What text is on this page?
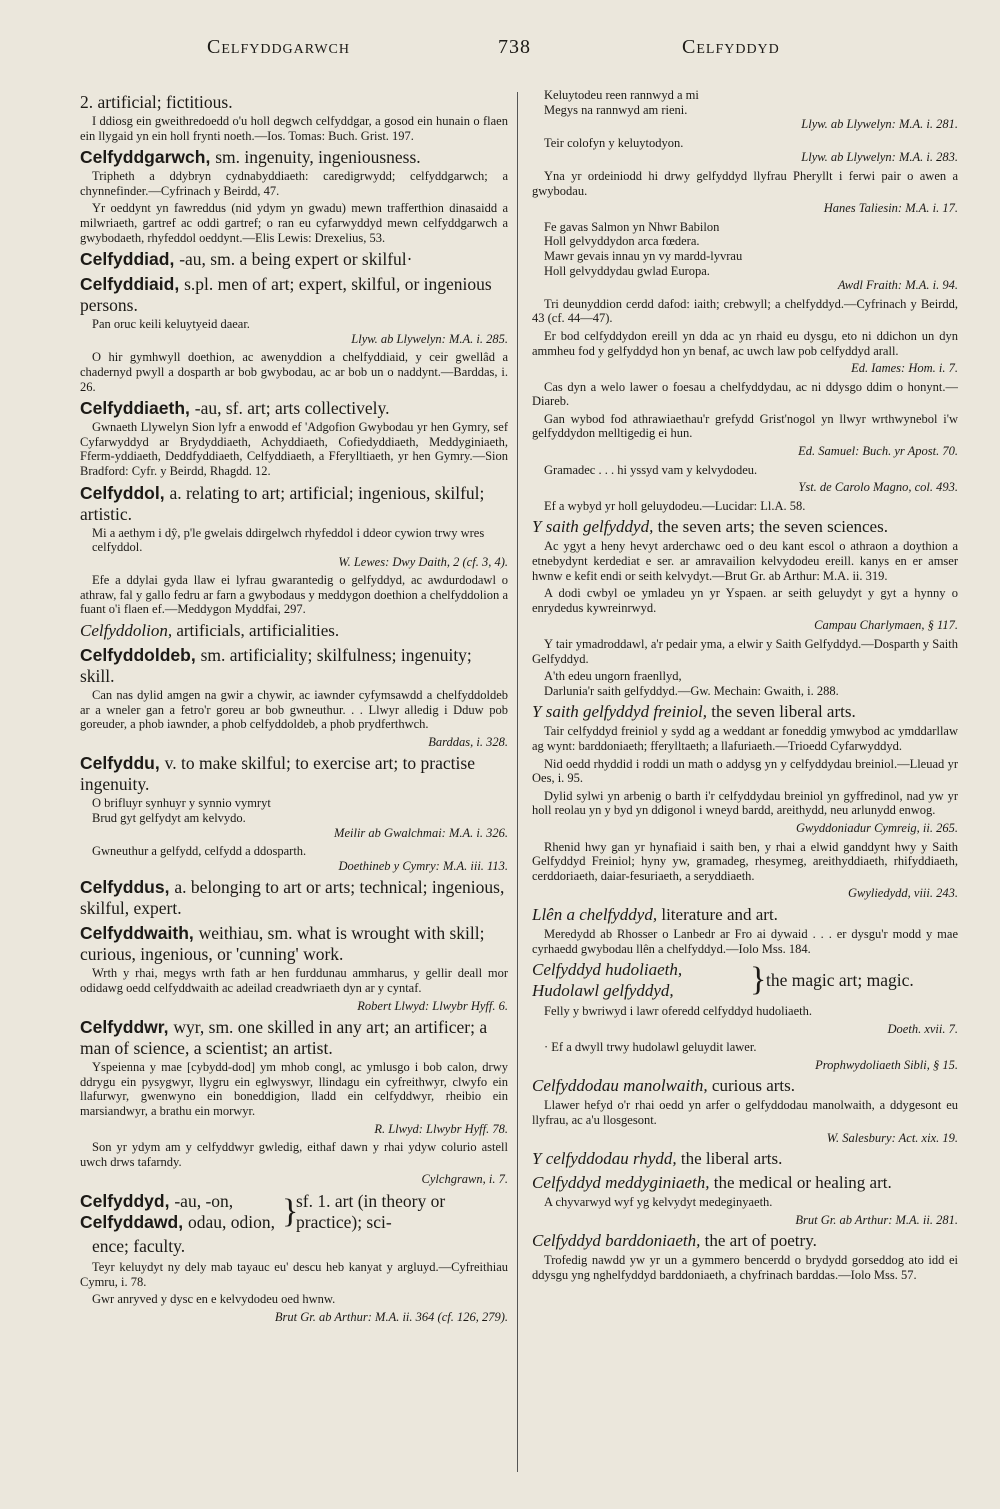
Celfyddgarwch	738	Celfyddyd
2. artificial; fictitious.
I ddiosg ein gweithredoedd o'u holl degwch celfyddgar, a gosod ein hunain o flaen ein llygaid yn ein holl frynti noeth.—Ios. Tomas: Buch. Grist. 197.
Celfyddgarwch, sm. ingenuity, ingeniousness.
Tripheth a ddybryn cydnabyddiaeth: caredigrwydd; celfyddgarwch; a chynnefinder.—Cyfrinach y Beirdd, 47.
Yr oeddynt yn fawreddus (nid ydym yn gwadu) mewn trafferthion dinasaidd a milwriaeth, gartref ac oddi gartref; o ran eu cyfarwyddyd mewn celfyddgarwch a gwybodaeth, rhyfeddol oeddynt.—Elis Lewis: Drexelius, 53.
Celfyddiad, -au, sm. a being expert or skilful·
Celfyddiaid, s.pl. men of art; expert, skilful, or ingenious persons.
Pan oruc keili keluytyeid daear.
Llyw. ab Llywelyn: M.A. i. 285.
O hir gymhwyll doethion, ac awenyddion a chelfyddiaid, y ceir gwellâd a chadernyd pwyll a dosparth ar bob gwybodau, ac ar bob un o naddynt.—Barddas, i. 26.
Celfyddiaeth, -au, sf. art; arts collectively.
Gwnaeth Llywelyn Sion lyfr a enwodd ef 'Adgofion Gwybodau yr hen Gymry, sef Cyfarwyddyd ar Brydyddiaeth, Achyddiaeth, Cofiedyddiaeth, Meddyginiaeth, Fferm-yddiaeth, Deddfyddiaeth, Celfyddiaeth, a Fferylltiaeth, yr hen Gymry.—Sion Bradford: Cyfr. y Beirdd, Rhagdd. 12.
Celfyddol, a. relating to art; artificial; ingenious, skilful; artistic.
Mi a aethym i dŷ, p'le gwelais ddirgelwch rhyfeddol i ddeor cywion trwy wres celfyddol.
W. Lewes: Dwy Daith, 2 (cf. 3, 4).
Efe a ddylai gyda llaw ei lyfrau gwarantedig o gelfyddyd, ac awdurdodawl o athraw, fal y gallo fedru ar farn a gwybodaus y meddygon doethion a chelfyddolion a fuant o'i flaen ef.—Meddygon Myddfai, 297.
Celfyddolion, artificials, artificialities.
Celfyddoldeb, sm. artificiality; skilfulness; ingenuity; skill.
Can nas dylid amgen na gwir a chywir, ac iawnder cyfymsawdd a chelfyddoldeb ar a wneler gan a fetro'r goreu ar bob gwneuthur. . . Llwyr alledig i Dduw pob goreuder, a phob iawnder, a phob celfyddoldeb, a phob prydferthwch.
Barddas, i. 328.
Celfyddu, v. to make skilful; to exercise art; to practise ingenuity.
O brifluyr synhuyr y synnio vymryt
Brud gyt gelfydyt am kelvydo.
Meilir ab Gwalchmai: M.A. i. 326.
Gwneuthur a gelfydd, celfydd a ddosparth.
Doethineb y Cymry: M.A. iii. 113.
Celfyddus, a. belonging to art or arts; technical; ingenious, skilful, expert.
Celfyddwaith, weithiau, sm. what is wrought with skill; curious, ingenious, or 'cunning' work.
Wrth y rhai, megys wrth fath ar hen furddunau ammharus, y gellir deall mor odidawg oedd celfyddwaith ac adeilad creadwriaeth dyn ar y cyntaf.
Robert Llwyd: Llwybr Hyff. 6.
Celfyddwr, wyr, sm. one skilled in any art; an artificer; a man of science, a scientist; an artist.
Yspeienna y mae [cybydd-dod] ym mhob congl, ac ymlusgo i bob calon, drwy ddrygu ein pysygwyr, llygru ein eglwyswyr, llindagu ein cyfreithwyr, clwyfo ein llafurwyr, gwenwyno ein boneddigion, lladd ein celfyddwyr, rheibio ein marsiandwyr, a brathu ein morwyr.
R. Llwyd: Llwybr Hyff. 78.
Son yr ydym am y celfyddwyr gwledig, eithaf dawn y rhai ydyw colurio astell uwch drws tafarndy.
Cylchgrawn, i. 7.
Celfyddyd, -au, -on,
Celfyddawd, odau, odion, }
sf. 1. art (in theory or practice); sci-
ence; faculty.
Teyr keluydyt ny dely mab tayauc eu' descu heb kanyat y argluyd.—Cyfreithiau Cymru, i. 78.
Gwr anryved y dysc en e kelvydodeu oed hwnw.
Brut Gr. ab Arthur: M.A. ii. 364 (cf. 126, 279).
Keluytodeu reen rannwyd a mi
Megys na rannwyd am rieni.
Llyw. ab Llywelyn: M.A. i. 281.
Teir colofyn y keluytodyon.
Llyw. ab Llywelyn: M.A. i. 283.
Yna yr ordeiniodd hi drwy gelfyddyd llyfrau Pheryllt i ferwi pair o awen a gwybodau.
Hanes Taliesin: M.A. i. 17.
Fe gavas Salmon yn Nhwr Babilon
Holl gelvyddydon arca fœdera.
Mawr gevais innau yn vy mardd-lyvrau
Holl gelvyddydau gwlad Europa.
Awdl Fraith: M.A. i. 94.
Tri deunyddion cerdd dafod: iaith; crebwyll; a chelfyddyd.—Cyfrinach y Beirdd, 43 (cf. 44—47).
Er bod celfyddydon ereill yn dda ac yn rhaid eu dysgu, eto ni ddichon un dyn ammheu fod y gelfyddyd hon yn benaf, ac uwch law pob celfyddyd arall.
Ed. Iames: Hom. i. 7.
Cas dyn a welo lawer o foesau a chelfyddydau, ac ni ddysgo ddim o honynt.—Diareb.
Gan wybod fod athrawiaethau'r grefydd Grist'nogol yn llwyr wrthwynebol i'w gelfyddydon melltigedig ei hun.
Ed. Samuel: Buch. yr Apost. 70.
Gramadec . . . hi yssyd vam y kelvydodeu.
Yst. de Carolo Magno, col. 493.
Ef a wybyd yr holl geluydodeu.—Lucidar: Ll.A. 58.
Y saith gelfyddyd, the seven arts; the seven sciences.
Ac ygyt a heny hevyt arderchawc oed o deu kant escol o athraon a doythion a etnebydynt kerdediat e ser. ar amravailion kelvydodeu ereill. kanys en er amser hwnw e kefit endi or seith kelvydyt.—Brut Gr. ab Arthur: M.A. ii. 319.
A dodi cwbyl oe ymladeu yn yr Yspaen. ar seith geluydyt y gyt a hynny o enrydedus kywreinrwyd.
Campau Charlymaen, § 117.
Y tair ymadroddawl, a'r pedair yma, a elwir y Saith Gelfyddyd.—Dosparth y Saith Gelfyddyd.
A'th edeu ungorn fraenllyd,
Darlunia'r saith gelfyddyd.—Gw. Mechain: Gwaith, i. 288.
Y saith gelfyddyd freiniol, the seven liberal arts.
Tair celfyddyd freiniol y sydd ag a weddant ar foneddig ymwybod ac ymddarllaw ag wynt: barddoniaeth; fferylltaeth; a llafuriaeth.—Trioedd Cyfarwyddyd.
Nid oedd rhyddid i roddi un math o addysg yn y celfyddydau breiniol.—Lleuad yr Oes, i. 95.
Dylid sylwi yn arbenig o barth i'r celfyddydau breiniol yn gyffredinol, nad yw yr holl reolau yn y byd yn ddigonol i wneyd bardd, areithydd, neu arlunydd enwog.
Gwyddoniadur Cymreig, ii. 265.
Rhenid hwy gan yr hynafiaid i saith ben, y rhai a elwid ganddynt hwy y Saith Gelfyddyd Freiniol; hyny yw, gramadeg, rhesymeg, areithyddiaeth, rhifyddiaeth, cerddoriaeth, daiar-fesuriaeth, a seryddiaeth.
Gwyliedydd, viii. 243.
Llên a chelfyddyd, literature and art.
Meredydd ab Rhosser o Lanbedr ar Fro ai dywaid . . . er dysgu'r modd y mae cyrhaedd gwybodau llên a chelfyddyd.—Iolo Mss. 184.
Celfyddyd hudoliaeth,
Hudolawl gelfyddyd,	} the magic art; magic.
Felly y bwriwyd i lawr oferedd celfyddyd hudoliaeth.
Doeth. xvii. 7.
· Ef a dwyll trwy hudolawl geluydit lawer.
Prophwydoliaeth Sibli, § 15.
Celfyddodau manolwaith, curious arts.
Llawer hefyd o'r rhai oedd yn arfer o gelfyddodau manolwaith, a ddygesont eu llyfrau, ac a'u llosgesont.
W. Salesbury: Act. xix. 19.
Y celfyddodau rhydd, the liberal arts.
Celfyddyd meddyginiaeth, the medical or healing art.
A chyvarwyd wyf yg kelvydyt medeginyaeth.
Brut Gr. ab Arthur: M.A. ii. 281.
Celfyddyd barddoniaeth, the art of poetry.
Trofedig nawdd yw yr un a gymmero bencerdd o brydydd gorseddog ato idd ei ddysgu yng nghelfyddyd barddoniaeth, a chyfrinach barddas.—Iolo Mss. 57.
